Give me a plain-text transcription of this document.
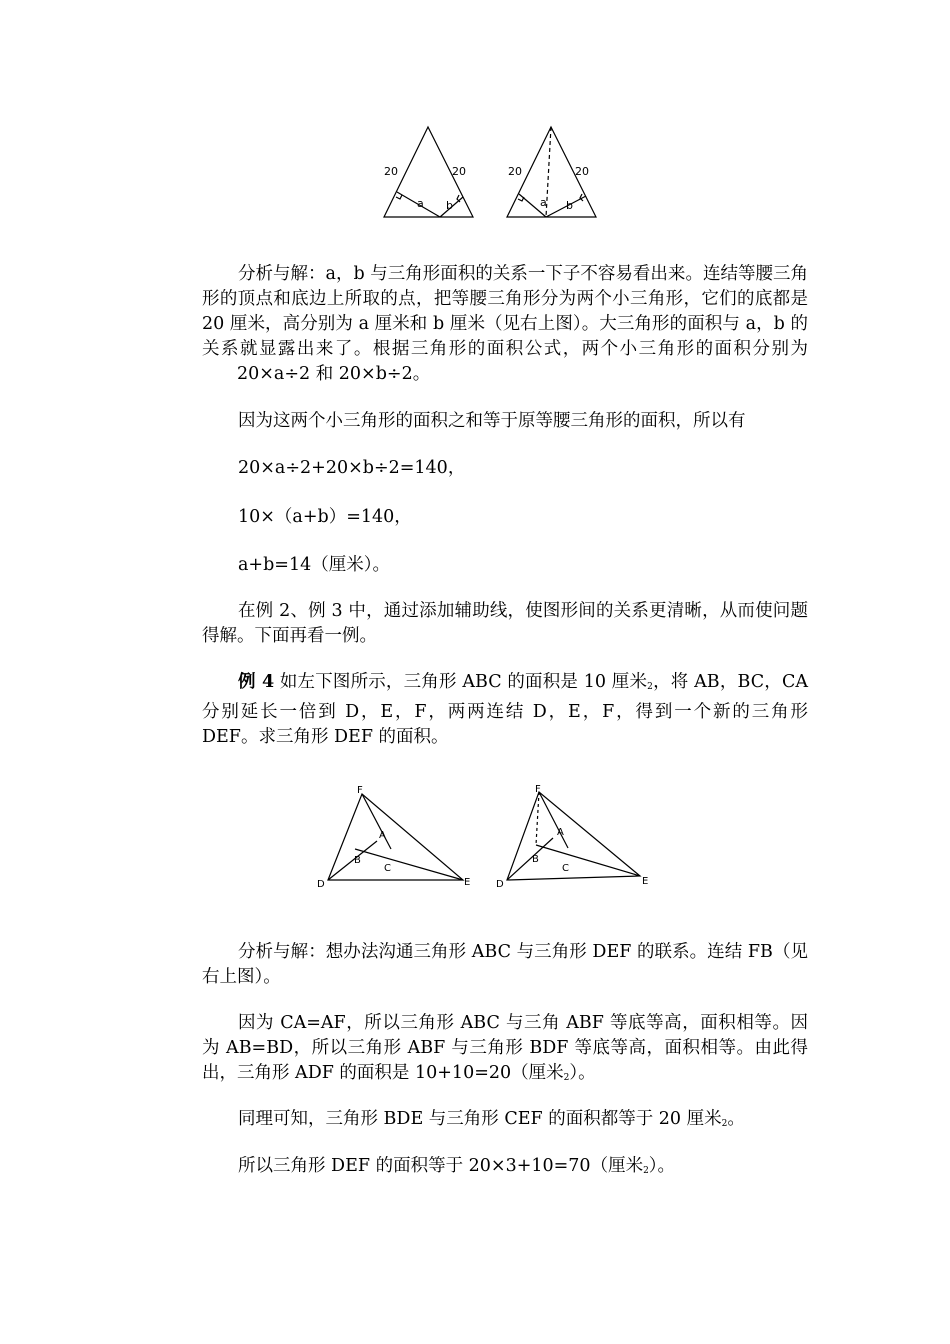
20	20
a b
20	20
a b

分析与解：a，b 与三角形面积的关系一下子不容易看出来。连结等腰三角形的顶点和底边上所取的点，把等腰三角形分为两个小三角形，它们的底都是 20 厘米，高分别为 a 厘米和 b 厘米（见右上图）。大三角形的面积与 a，b 的关系就显露出来了。根据三角形的面积公式，两个小三角形的面积分别为 　　20×a÷2 和 20×b÷2。

因为这两个小三角形的面积之和等于原等腰三角形的面积，所以有

20×a÷2+20×b÷2=140，

10×（a+b）=140，

a+b=14（厘米）。

在例 2、例 3 中，通过添加辅助线，使图形间的关系更清晰，从而使问题得解。下面再看一例。

例 4 如左下图所示，三角形 ABC 的面积是 10 厘米$_2$，将 AB，BC，CA 分别延长一倍到 D，E，F，两两连结 D，E，F，得到一个新的三角形 DEF。求三角形 DEF 的面积。

F
A
B
C
D	E
F
A
B
C
D	E

分析与解：想办法沟通三角形 ABC 与三角形 DEF 的联系。连结 FB（见右上图）。

因为 CA=AF，所以三角形 ABC 与三角 ABF 等底等高，面积相等。因为 AB=BD，所以三角形 ABF 与三角形 BDF 等底等高，面积相等。由此得出，三角形 ADF 的面积是 10+10=20（厘米$_2$）。

同理可知，三角形 BDE 与三角形 CEF 的面积都等于 20 厘米$_2$。

所以三角形 DEF 的面积等于 20×3+10=70（厘米$_2$）。
